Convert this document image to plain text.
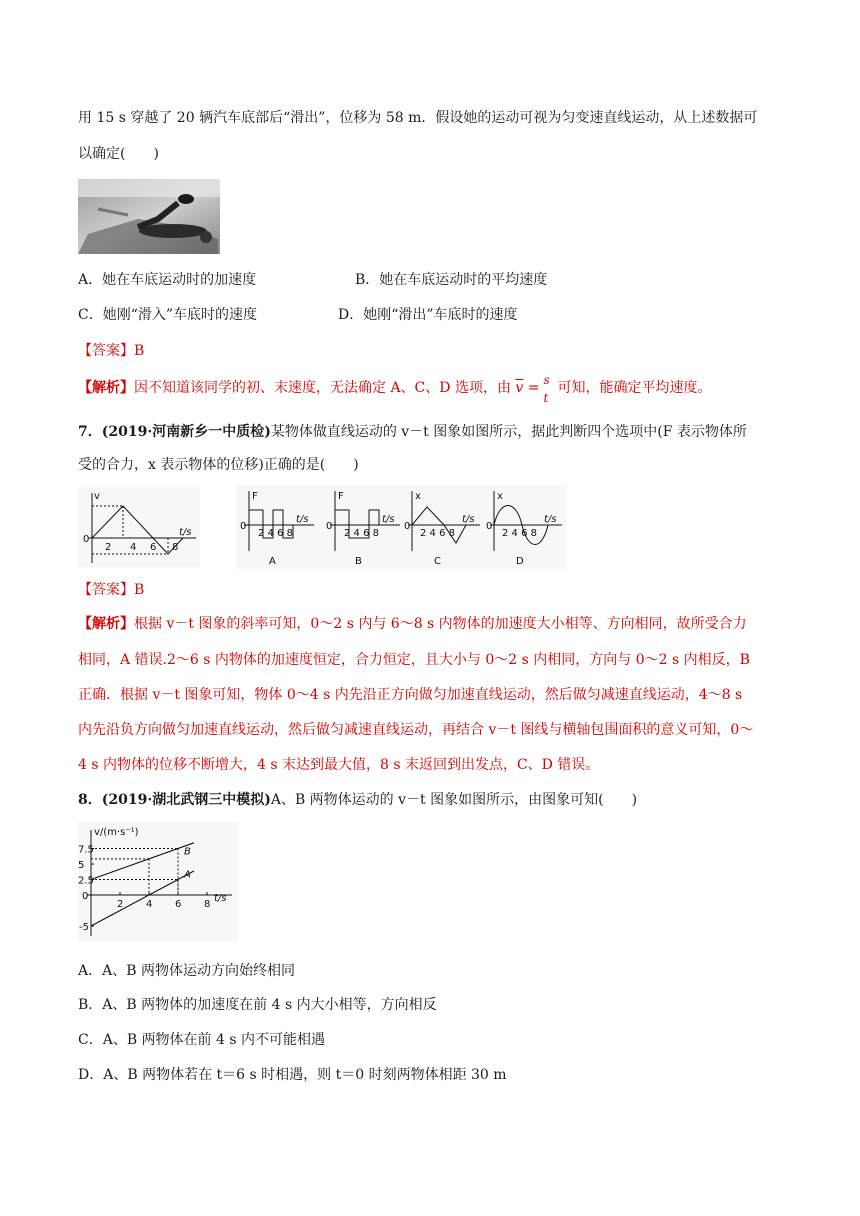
用 15 s 穿越了 20 辆汽车底部后“滑出”，位移为 58 m．假设她的运动可视为匀变速直线运动，从上述数据可
以确定(　　)
A．她在车底运动时的加速度	B．她在车底运动时的平均速度
C．她刚“滑入”车底时的速度	D．她刚“滑出”车底时的速度
【答案】B
【解析】因不知道该同学的初、末速度，无法确定 A、C、D 选项，由 $\overline{v} = s$
t
可知，能确定平均速度。
7．(2019·河南新乡一中质检)某物体做直线运动的 v－t 图象如图所示，据此判断四个选项中(F 表示物体所
受的合力，x 表示物体的位移)正确的是(　　)
v
0
2 4 6 8
t/s
F
0
2 4 6 8
t/s
A
F
0
2 4 6 8
t/s
B
x
0
2 4 6 8
t/s
C
x
0
2 4 6 8
t/s
D
【答案】B
【解析】根据 v－t 图象的斜率可知，0～2 s 内与 6～8 s 内物体的加速度大小相等、方向相同，故所受合力
相同，A 错误.2～6 s 内物体的加速度恒定，合力恒定，且大小与 0～2 s 内相同，方向与 0～2 s 内相反，B
正确．根据 v－t 图象可知，物体 0～4 s 内先沿正方向做匀加速直线运动，然后做匀减速直线运动，4～8 s
内先沿负方向做匀加速直线运动，然后做匀减速直线运动，再结合 v－t 图线与横轴包围面积的意义可知，0～
4 s 内物体的位移不断增大，4 s 末达到最大值，8 s 末返回到出发点，C、D 错误。
8．(2019·湖北武钢三中模拟)A、B 两物体运动的 v－t 图象如图所示，由图象可知(　　)
v/(m·s⁻¹)
t/s
0
2 4 6 8
7.5
5
2.5
-5
B
A
A．A、B 两物体运动方向始终相同
B．A、B 两物体的加速度在前 4 s 内大小相等，方向相反
C．A、B 两物体在前 4 s 内不可能相遇
D．A、B 两物体若在 t＝6 s 时相遇，则 t＝0 时刻两物体相距 30 m
